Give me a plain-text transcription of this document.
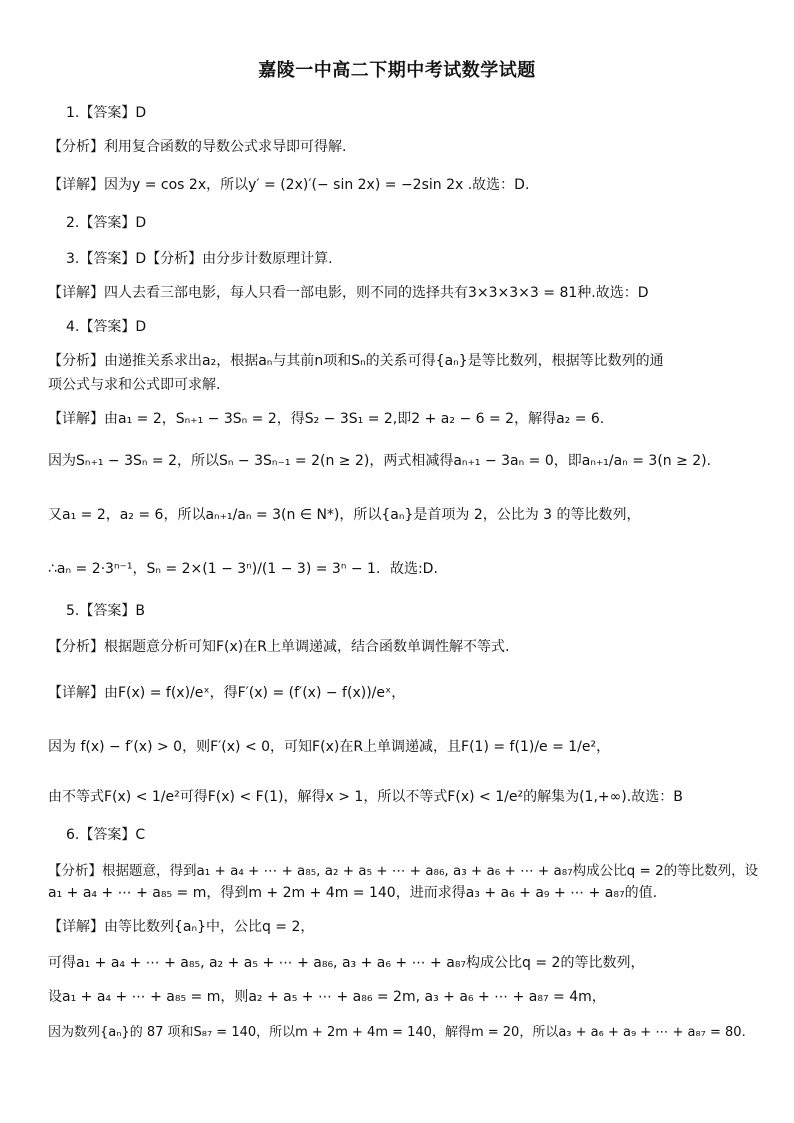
嘉陵一中高二下期中考试数学试题
1.【答案】D
【分析】利用复合函数的导数公式求导即可得解.
【详解】因为y = cos 2x，所以y′ = (2x)′(− sin 2x) = −2sin 2x .故选：D.
2.【答案】D
3.【答案】D【分析】由分步计数原理计算.
【详解】四人去看三部电影，每人只看一部电影，则不同的选择共有3×3×3×3 = 81种.故选：D
4.【答案】D
【分析】由递推关系求出a₂，根据aₙ与其前n项和Sₙ的关系可得{aₙ}是等比数列，根据等比数列的通
项公式与求和公式即可求解.
【详解】由a₁ = 2，Sₙ₊₁ − 3Sₙ = 2，得S₂ − 3S₁ = 2,即2 + a₂ − 6 = 2，解得a₂ = 6.
因为Sₙ₊₁ − 3Sₙ = 2，所以Sₙ − 3Sₙ₋₁ = 2(n ≥ 2)，两式相减得aₙ₊₁ − 3aₙ = 0，即aₙ₊₁/aₙ = 3(n ≥ 2).
又a₁ = 2，a₂ = 6，所以aₙ₊₁/aₙ = 3(n ∈ N*)，所以{aₙ}是首项为 2，公比为 3 的等比数列，
∴aₙ = 2·3ⁿ⁻¹，Sₙ = 2×(1 − 3ⁿ)/(1 − 3) = 3ⁿ − 1．故选:D.
5.【答案】B
【分析】根据题意分析可知F(x)在R上单调递减，结合函数单调性解不等式.
【详解】由F(x) = f(x)/eˣ，得F′(x) = (f′(x) − f(x))/eˣ，
因为 f(x) − f′(x) > 0，则F′(x) < 0，可知F(x)在R上单调递减，且F(1) = f(1)/e = 1/e²，
由不等式F(x) < 1/e²可得F(x) < F(1)，解得x > 1，所以不等式F(x) < 1/e²的解集为(1,+∞).故选：B
6.【答案】C
【分析】根据题意，得到a₁ + a₄ + ⋯ + a₈₅, a₂ + a₅ + ⋯ + a₈₆, a₃ + a₆ + ⋯ + a₈₇构成公比q = 2的等比数列，设
a₁ + a₄ + ⋯ + a₈₅ = m，得到m + 2m + 4m = 140，进而求得a₃ + a₆ + a₉ + ⋯ + a₈₇的值.
【详解】由等比数列{aₙ}中，公比q = 2，
可得a₁ + a₄ + ⋯ + a₈₅, a₂ + a₅ + ⋯ + a₈₆, a₃ + a₆ + ⋯ + a₈₇构成公比q = 2的等比数列，
设a₁ + a₄ + ⋯ + a₈₅ = m，则a₂ + a₅ + ⋯ + a₈₆ = 2m, a₃ + a₆ + ⋯ + a₈₇ = 4m，
因为数列{aₙ}的 87 项和S₈₇ = 140，所以m + 2m + 4m = 140，解得m = 20，所以a₃ + a₆ + a₉ + ⋯ + a₈₇ = 80.
